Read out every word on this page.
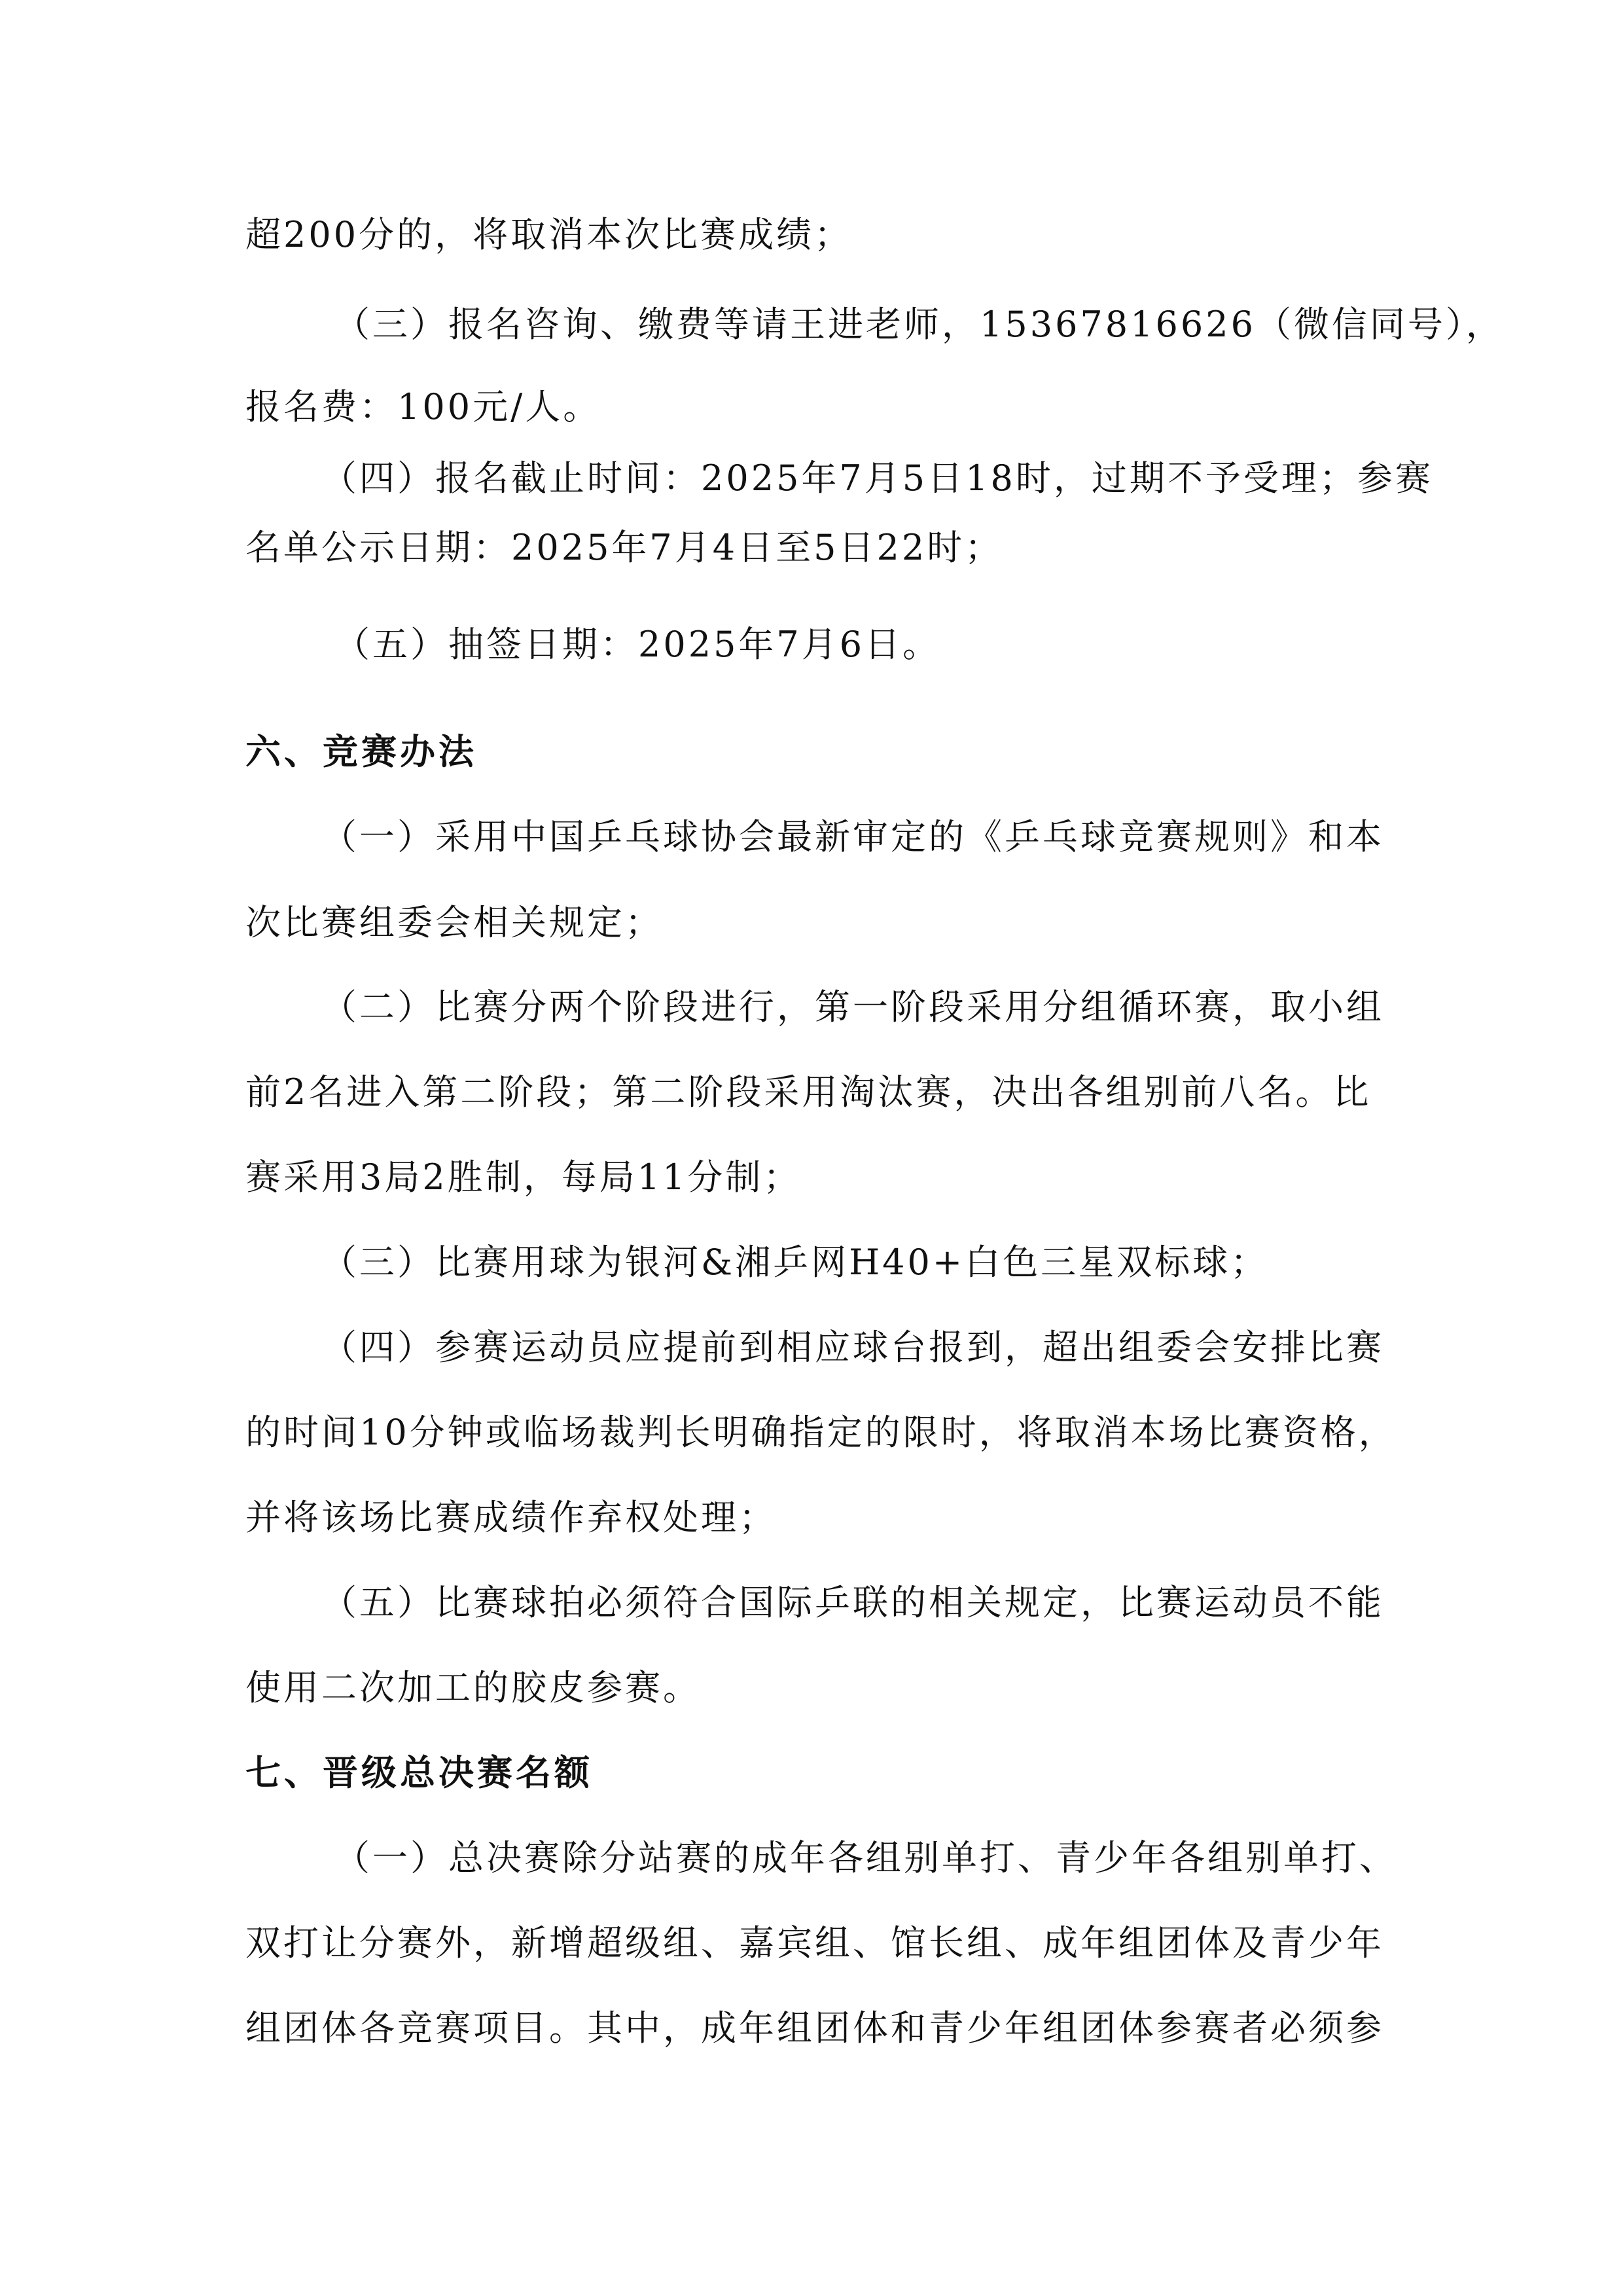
超200分的，将取消本次比赛成绩；
（三）报名咨询、缴费等请王进老师，15367816626（微信同号），
报名费：100元/人。
（四）报名截止时间：2025年7月5日18时，过期不予受理；参赛
名单公示日期：2025年7月4日至5日22时；
（五）抽签日期：2025年7月6日。
六、竞赛办法
（一）采用中国乒乓球协会最新审定的《乒乓球竞赛规则》和本
次比赛组委会相关规定；
（二）比赛分两个阶段进行，第一阶段采用分组循环赛，取小组
前2名进入第二阶段；第二阶段采用淘汰赛，决出各组别前八名。比
赛采用3局2胜制，每局11分制；
（三）比赛用球为银河&湘乒网H40+白色三星双标球；
（四）参赛运动员应提前到相应球台报到，超出组委会安排比赛
的时间10分钟或临场裁判长明确指定的限时，将取消本场比赛资格，
并将该场比赛成绩作弃权处理；
（五）比赛球拍必须符合国际乒联的相关规定，比赛运动员不能
使用二次加工的胶皮参赛。
七、晋级总决赛名额
（一）总决赛除分站赛的成年各组别单打、青少年各组别单打、
双打让分赛外，新增超级组、嘉宾组、馆长组、成年组团体及青少年
组团体各竞赛项目。其中，成年组团体和青少年组团体参赛者必须参
